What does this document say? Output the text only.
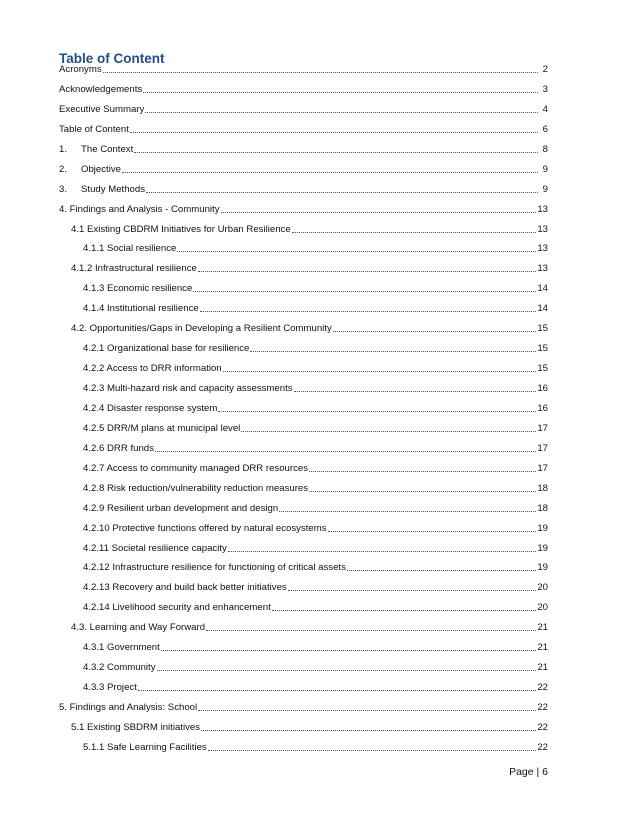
Table of Content
Acronyms	2
Acknowledgements	3
Executive Summary	4
Table of Content	6
1.	The Context	8
2.	Objective	9
3.	Study Methods	9
4. Findings and Analysis - Community	13
4.1 Existing CBDRM Initiatives for Urban Resilience	13
4.1.1 Social resilience	13
4.1.2 Infrastructural resilience	13
4.1.3 Economic resilience	14
4.1.4 Institutional resilience	14
4.2. Opportunities/Gaps in Developing a Resilient Community	15
4.2.1 Organizational base for resilience	15
4.2.2 Access to DRR information	15
4.2.3 Multi-hazard risk and capacity assessments	16
4.2.4 Disaster response system	16
4.2.5 DRR/M plans at municipal level	17
4.2.6 DRR funds	17
4.2.7 Access to community managed DRR resources	17
4.2.8 Risk reduction/vulnerability reduction measures	18
4.2.9 Resilient urban development and design	18
4.2.10 Protective functions offered by natural ecosystems	19
4.2.11 Societal resilience capacity	19
4.2.12 Infrastructure resilience for functioning of critical assets	19
4.2.13 Recovery and build back better initiatives	20
4.2.14 Livelihood security and enhancement	20
4.3. Learning and Way Forward	21
4.3.1 Government	21
4.3.2 Community	21
4.3.3 Project	22
5. Findings and Analysis: School	22
5.1 Existing SBDRM initiatives	22
5.1.1 Safe Learning Facilities	22
Page | 6
